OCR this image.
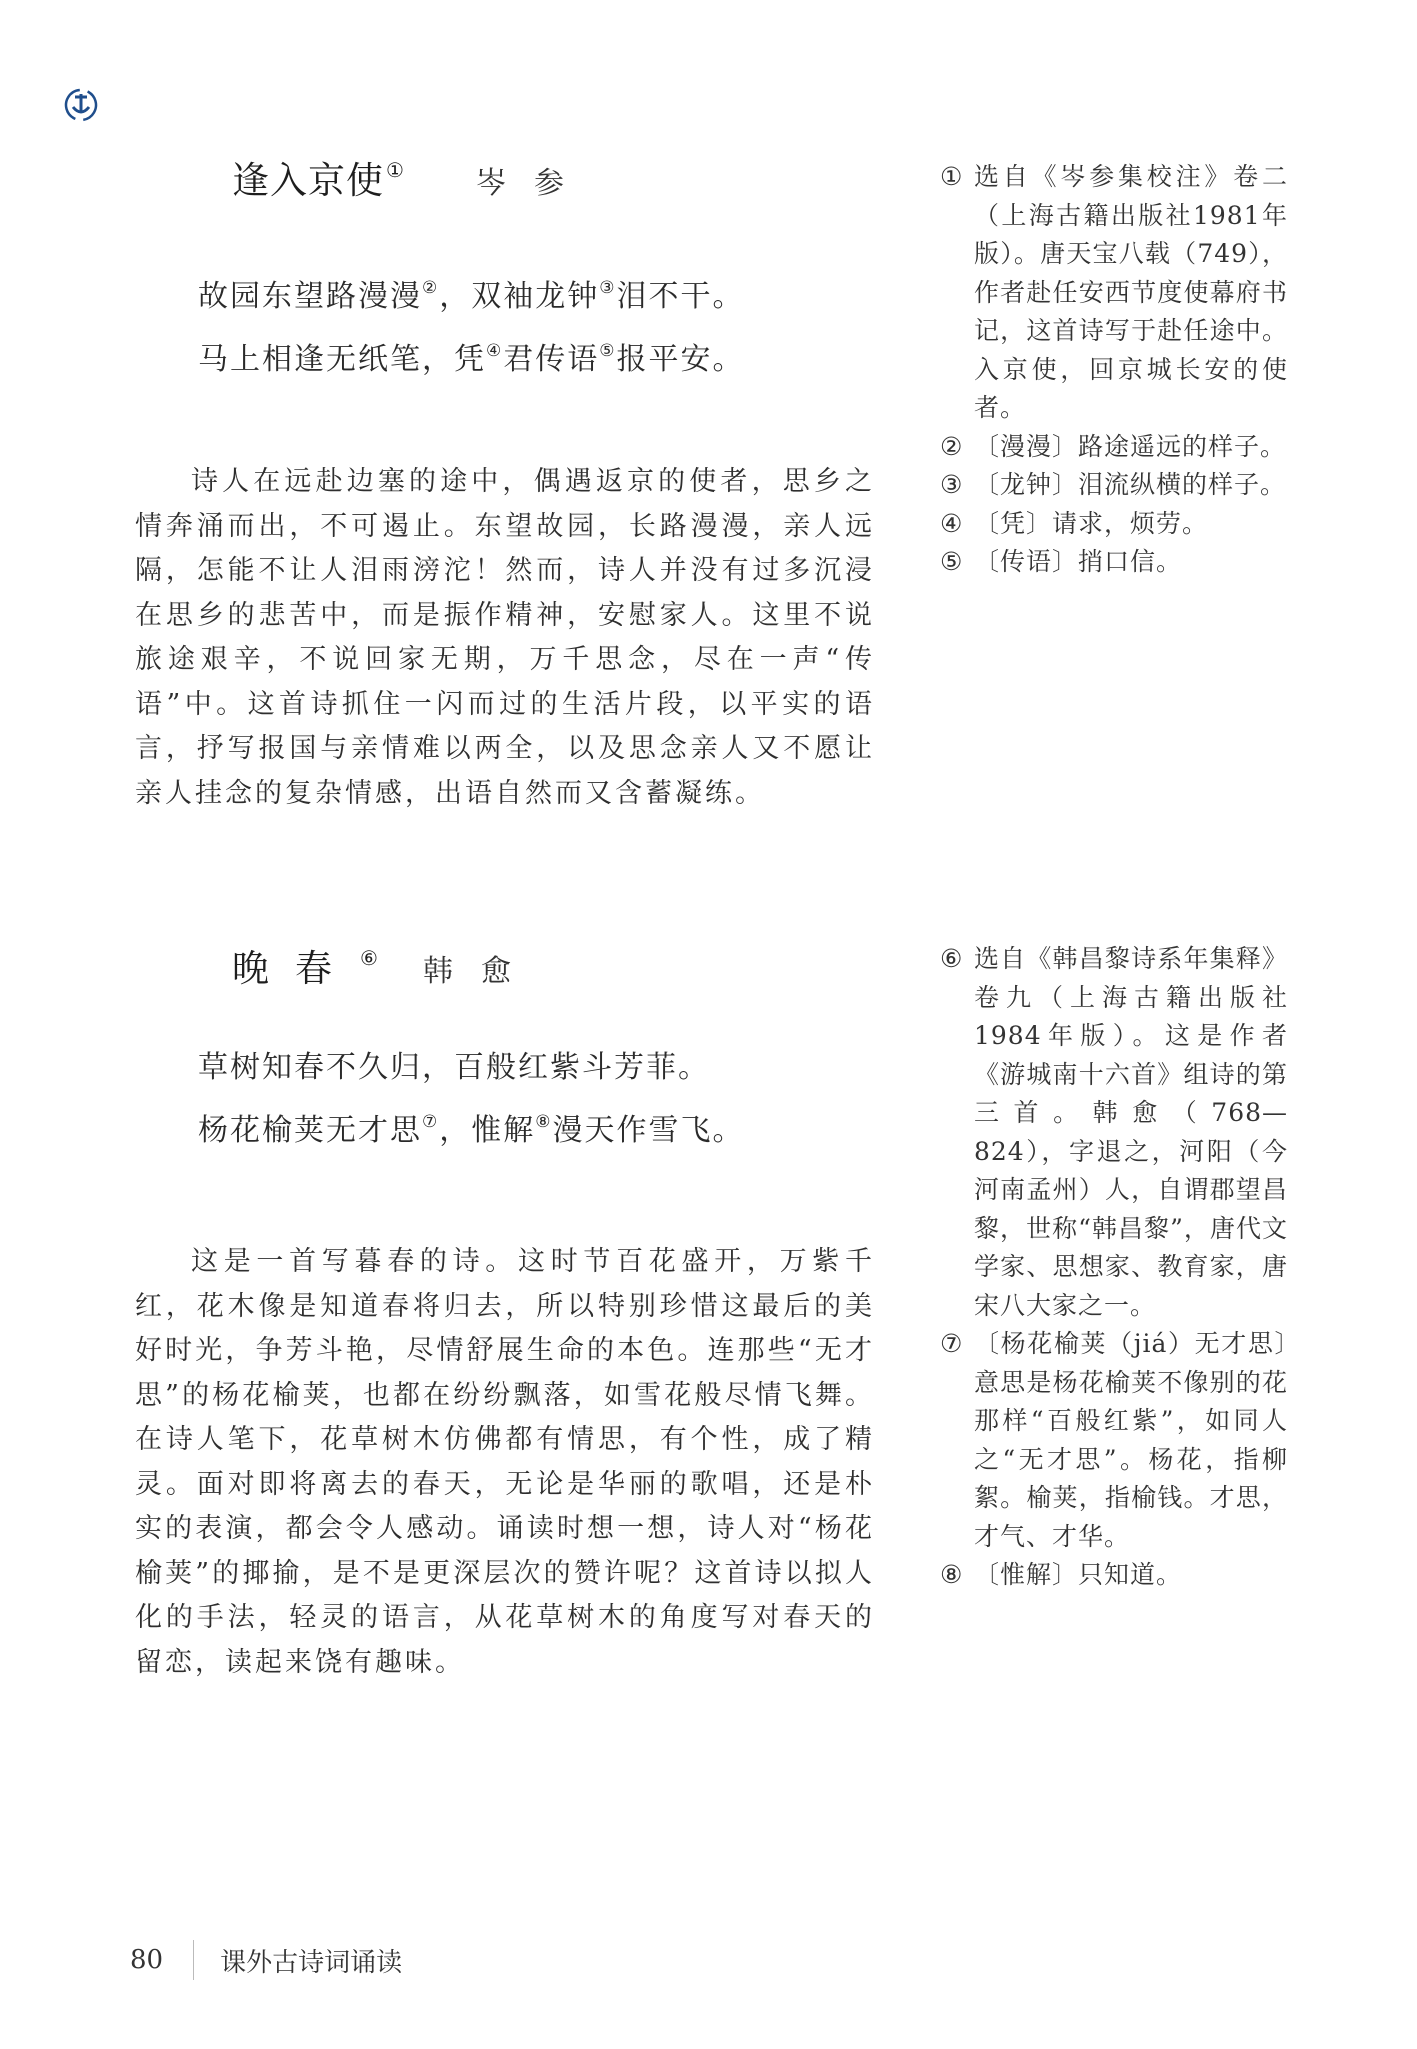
逢入京使 ① 岑参
故园东望路漫漫②，双袖龙钟③泪不干。
马上相逢无纸笔，凭④君传语⑤报平安。
诗人在远赴边塞的途中，偶遇返京的使者，思乡之情奔涌而出，不可遏止。东望故园，长路漫漫，亲人远隔，怎能不让人泪雨滂沱！然而，诗人并没有过多沉浸在思乡的悲苦中，而是振作精神，安慰家人。这里不说旅途艰辛，不说回家无期，万千思念，尽在一声“传语”中。这首诗抓住一闪而过的生活片段，以平实的语言，抒写报国与亲情难以两全，以及思念亲人又不愿让亲人挂念的复杂情感，出语自然而又含蓄凝练。
① 选自《岑参集校注》卷二（上海古籍出版社1981年版）。唐天宝八载（749），作者赴任安西节度使幕府书记，这首诗写于赴任途中。入京使，回京城长安的使者。
② 〔漫漫〕路途遥远的样子。
③ 〔龙钟〕泪流纵横的样子。
④ 〔凭〕请求，烦劳。
⑤ 〔传语〕捎口信。
晚春 ⑥ 韩愈
草树知春不久归，百般红紫斗芳菲。
杨花榆荚无才思⑦，惟解⑧漫天作雪飞。
这是一首写暮春的诗。这时节百花盛开，万紫千红，花木像是知道春将归去，所以特别珍惜这最后的美好时光，争芳斗艳，尽情舒展生命的本色。连那些“无才思”的杨花榆荚，也都在纷纷飘落，如雪花般尽情飞舞。在诗人笔下，花草树木仿佛都有情思，有个性，成了精灵。面对即将离去的春天，无论是华丽的歌唱，还是朴实的表演，都会令人感动。诵读时想一想，诗人对“杨花榆荚”的揶揄，是不是更深层次的赞许呢？这首诗以拟人化的手法，轻灵的语言，从花草树木的角度写对春天的留恋，读起来饶有趣味。
⑥ 选自《韩昌黎诗系年集释》卷九（上海古籍出版社1984年版）。这是作者《游城南十六首》组诗的第三首。韩愈（768—824），字退之，河阳（今河南孟州）人，自谓郡望昌黎，世称“韩昌黎”，唐代文学家、思想家、教育家，唐宋八大家之一。
⑦ 〔杨花榆荚（jiá）无才思〕意思是杨花榆荚不像别的花那样“百般红紫”，如同人之“无才思”。杨花，指柳絮。榆荚，指榆钱。才思，才气、才华。
⑧ 〔惟解〕只知道。
80 课外古诗词诵读
